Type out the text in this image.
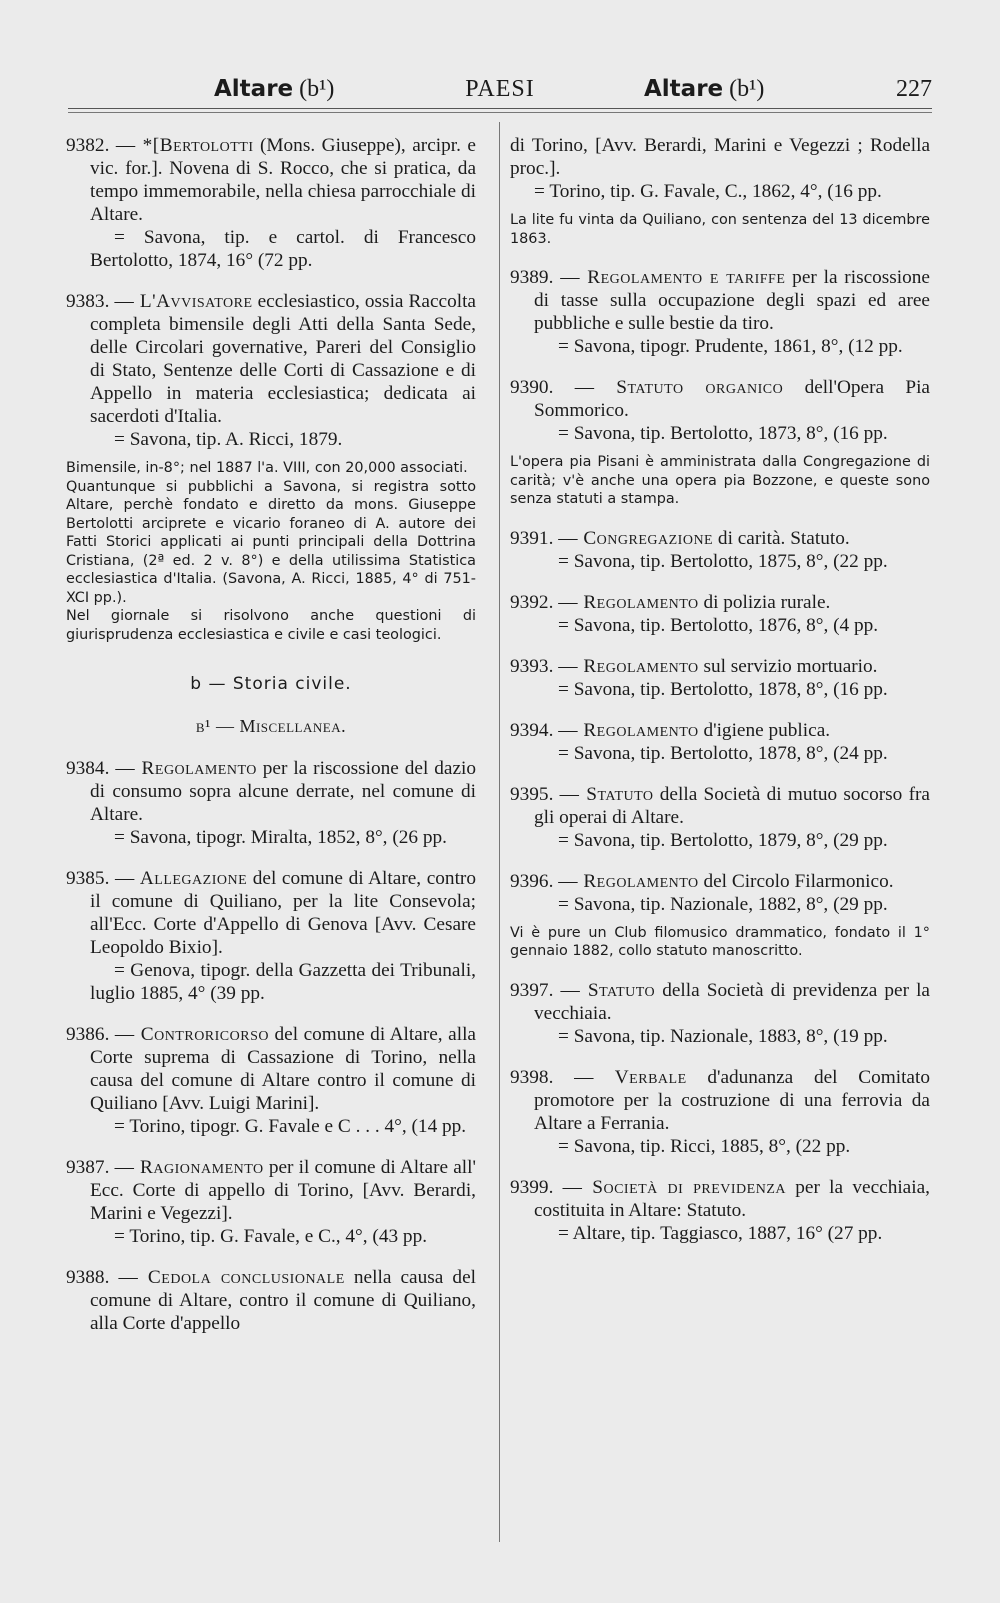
Altare (b¹)	PAESI	Altare (b¹)	227
9382. — *[Bertolotti (Mons. Giuseppe), arcipr. e vic. for.]. Novena di S. Rocco, che si pratica, da tempo immemorabile, nella chiesa parrocchiale di Altare.
= Savona, tip. e cartol. di Francesco Bertolotto, 1874, 16° (72 pp.
9383. — L'Avvisatore ecclesiastico, ossia Raccolta completa bimensile degli Atti della Santa Sede, delle Circolari governative, Pareri del Consiglio di Stato, Sentenze delle Corti di Cassazione e di Appello in materia ecclesiastica; dedicata ai sacerdoti d'Italia.
= Savona, tip. A. Ricci, 1879.

Bimensile, in-8°; nel 1887 l'a. VIII, con 20,000 associati.

Quantunque si pubblichi a Savona, si registra sotto Altare, perchè fondato e diretto da mons. Giuseppe Bertolotti arciprete e vicario foraneo di A. autore dei Fatti Storici applicati ai punti principali della Dottrina Cristiana, (2ª ed. 2 v. 8°) e della utilissima Statistica ecclesiastica d'Italia. (Savona, A. Ricci, 1885, 4° di 751-XCI pp.).

Nel giornale si risolvono anche questioni di giurisprudenza ecclesiastica e civile e casi teologici.

b — Storia civile.
b¹ — Miscellanea.
9384. — Regolamento per la riscossione del dazio di consumo sopra alcune derrate, nel comune di Altare.
= Savona, tipogr. Miralta, 1852, 8°, (26 pp.
9385. — Allegazione del comune di Altare, contro il comune di Quiliano, per la lite Consevola; all'Ecc. Corte d'Appello di Genova [Avv. Cesare Leopoldo Bixio].
= Genova, tipogr. della Gazzetta dei Tribunali, luglio 1885, 4° (39 pp.
9386. — Controricorso del comune di Altare, alla Corte suprema di Cassazione di Torino, nella causa del comune di Altare contro il comune di Quiliano [Avv. Luigi Marini].
= Torino, tipogr. G. Favale e C . . . 4°, (14 pp.
9387. — Ragionamento per il comune di Altare all' Ecc. Corte di appello di Torino, [Avv. Berardi, Marini e Vegezzi].
= Torino, tip. G. Favale, e C., 4°, (43 pp.
9388. — Cedola conclusionale nella causa del comune di Altare, contro il comune di Quiliano, alla Corte d'appello
di Torino, [Avv. Berardi, Marini e Vegezzi ; Rodella proc.].
= Torino, tip. G. Favale, C., 1862, 4°, (16 pp.

La lite fu vinta da Quiliano, con sentenza del 13 dicembre 1863.

9389. — Regolamento e tariffe per la riscossione di tasse sulla occupazione degli spazi ed aree pubbliche e sulle bestie da tiro.
= Savona, tipogr. Prudente, 1861, 8°, (12 pp.
9390. — Statuto organico dell'Opera Pia Sommorico.
= Savona, tip. Bertolotto, 1873, 8°, (16 pp.

L'opera pia Pisani è amministrata dalla Congregazione di carità; v'è anche una opera pia Bozzone, e queste sono senza statuti a stampa.

9391. — Congregazione di carità. Statuto.
= Savona, tip. Bertolotto, 1875, 8°, (22 pp.
9392. — Regolamento di polizia rurale.
= Savona, tip. Bertolotto, 1876, 8°, (4 pp.
9393. — Regolamento sul servizio mortuario.
= Savona, tip. Bertolotto, 1878, 8°, (16 pp.
9394. — Regolamento d'igiene publica.
= Savona, tip. Bertolotto, 1878, 8°, (24 pp.
9395. — Statuto della Società di mutuo socorso fra gli operai di Altare.
= Savona, tip. Bertolotto, 1879, 8°, (29 pp.
9396. — Regolamento del Circolo Filarmonico.
= Savona, tip. Nazionale, 1882, 8°, (29 pp.

Vi è pure un Club filomusico drammatico, fondato il 1° gennaio 1882, collo statuto manoscritto.

9397. — Statuto della Società di previdenza per la vecchiaia.
= Savona, tip. Nazionale, 1883, 8°, (19 pp.
9398. — Verbale d'adunanza del Comitato promotore per la costruzione di una ferrovia da Altare a Ferrania.
= Savona, tip. Ricci, 1885, 8°, (22 pp.
9399. — Società di previdenza per la vecchiaia, costituita in Altare: Statuto.
= Altare, tip. Taggiasco, 1887, 16° (27 pp.
